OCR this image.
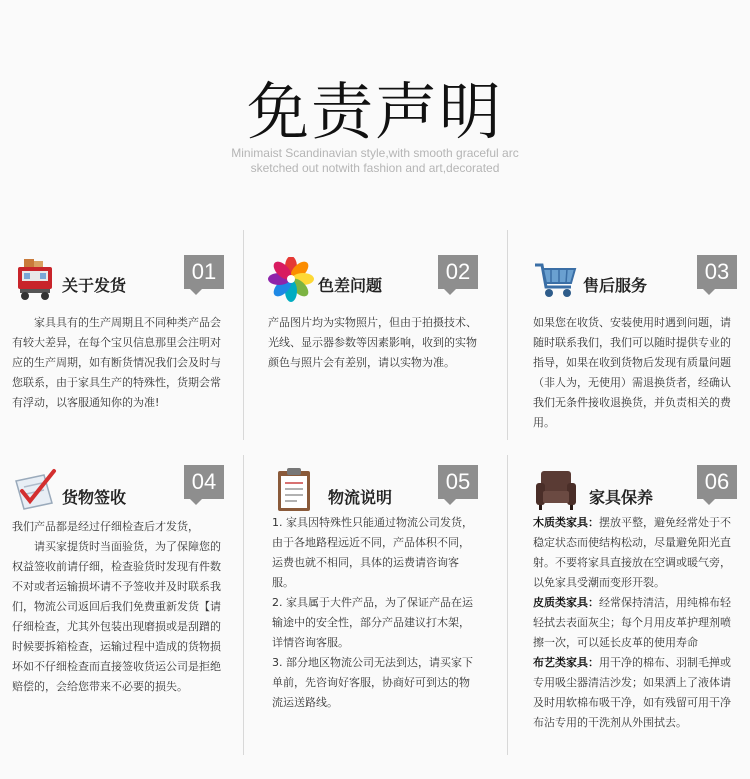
免责声明
Minimaist Scandinavian style,with smooth graceful arc
sketched out notwith fashion and art,decorated
关于发货
01

家具具有的生产周期且不同种类产品会有较大差异，在每个宝贝信息那里会注明对应的生产周期，如有断货情况我们会及时与您联系，由于家具生产的特殊性，货期会常有浮动，以客服通知你的为准!

色差问题
02

产品图片均为实物照片，但由于拍摄技术、光线、显示器参数等因素影响，收到的实物颜色与照片会有差别，请以实物为准。

售后服务
03

如果您在收货、安装使用时遇到问题，请随时联系我们，我们可以随时提供专业的指导，如果在收到货物后发现有质量问题（非人为，无使用）需退换货者，经确认我们无条件接收退换货，并负责相关的费用。

货物签收
04

我们产品都是经过仔细检查后才发货，

请买家提货时当面验货，为了保障您的权益签收前请仔细，检查验货时发现有件数不对或者运输损坏请不予签收并及时联系我们，物流公司返回后我们免费重新发货【请仔细检查，尤其外包装出现磨损或是刮蹭的时候要拆箱检查，运输过程中造成的货物损坏如不仔细检查而直接签收货运公司是拒绝赔偿的，会给您带来不必要的损失。

物流说明
05

1. 家具因特殊性只能通过物流公司发货，由于各地路程远近不同，产品体积不同，运费也就不相同，具体的运费请咨询客服。

2. 家具属于大件产品，为了保证产品在运输途中的安全性，部分产品建议打木架，详情咨询客服。

3. 部分地区物流公司无法到达，请买家下单前，先咨询好客服，协商好可到达的物流运送路线。

家具保养
06

木质类家具：摆放平整，避免经常处于不稳定状态而使结构松动，尽量避免阳光直射。不要将家具直接放在空调或暖气旁，以免家具受潮而变形开裂。

皮质类家具：经常保持清洁，用纯棉布轻轻拭去表面灰尘；每个月用皮革护理剂喷擦一次，可以延长皮革的使用寿命

布艺类家具：用干净的棉布、羽制毛掸或专用吸尘器清洁沙发；如果洒上了液体请及时用软棉布吸干净，如有残留可用干净布沾专用的干洗剂从外围拭去。
